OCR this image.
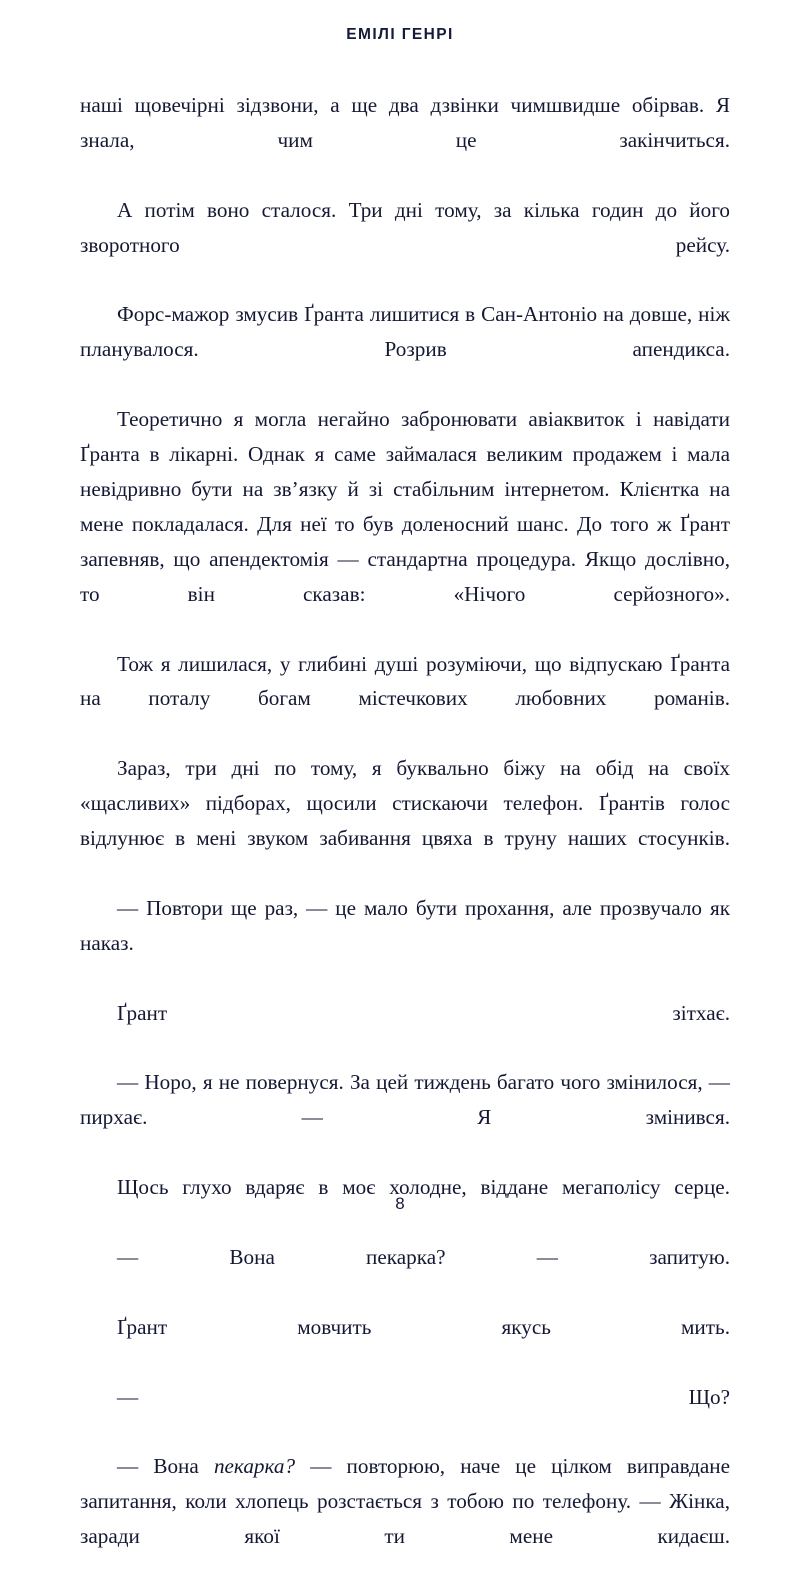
ЕМІЛІ ГЕНРІ

наші щовечірні зідзвони, а ще два дзвінки чимшвидше обірвав. Я знала, чим це закінчиться.

А потім воно сталося. Три дні тому, за кілька годин до його зворотного рейсу.

Форс-мажор змусив Ґранта лишитися в Сан-Антоніо на довше, ніж планувалося. Розрив апендикса.

Теоретично я могла негайно забронювати авіаквиток і навідати Ґранта в лікарні. Однак я саме займалася великим продажем і мала невідривно бути на зв’язку й зі стабільним інтернетом. Клієнтка на мене покладалася. Для неї то був доленосний шанс. До того ж Ґрант запевняв, що апендектомія — стандартна процедура. Якщо дослівно, то він сказав: «Нічого серйозного».

Тож я лишилася, у глибині душі розуміючи, що відпускаю Ґранта на поталу богам містечкових любовних романів.

Зараз, три дні по тому, я буквально біжу на обід на своїх «щасливих» підборах, щосили стискаючи телефон. Ґрантів голос відлунює в мені звуком забивання цвяха в труну наших стосунків.

— Повтори ще раз, — це мало бути прохання, але прозвучало як наказ.

Ґрант зітхає.

— Норо, я не повернуся. За цей тиждень багато чого змінилося, — пирхає. — Я змінився.

Щось глухо вдаряє в моє холодне, віддане мегаполісу серце.

— Вона пекарка? — запитую.

Ґрант мовчить якусь мить.

— Що?

— Вона пекарка? — повторюю, наче це цілком виправдане запитання, коли хлопець розстається з тобою по телефону. — Жінка, заради якої ти мене кидаєш.

8
